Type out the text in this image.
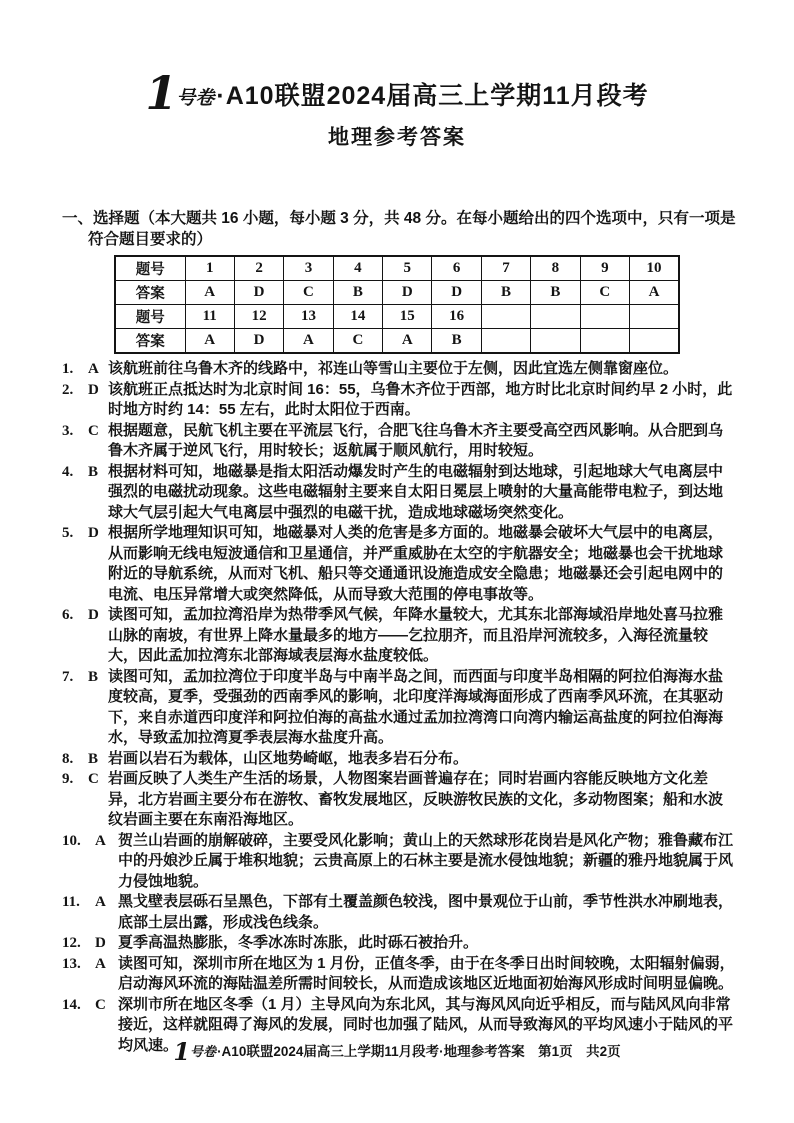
1号卷·A10联盟2024届高三上学期11月段考
地理参考答案
一、选择题（本大题共 16 小题，每小题 3 分，共 48 分。在每小题给出的四个选项中，只有一项是符合题目要求的）
题号	1	2	3	4	5	6	7	8	9	10
答案	A	D	C	B	D	D	B	B	C	A
题号	11	12	13	14	15	16				
答案	A	D	A	C	A	B				
1. A 该航班前往乌鲁木齐的线路中，祁连山等雪山主要位于左侧，因此宜选左侧靠窗座位。
2. D 该航班正点抵达时为北京时间 16：55，乌鲁木齐位于西部，地方时比北京时间约早 2 小时，此时地方时约 14：55 左右，此时太阳位于西南。
3. C 根据题意，民航飞机主要在平流层飞行，合肥飞往乌鲁木齐主要受高空西风影响。从合肥到乌鲁木齐属于逆风飞行，用时较长；返航属于顺风航行，用时较短。
4. B 根据材料可知，地磁暴是指太阳活动爆发时产生的电磁辐射到达地球，引起地球大气电离层中强烈的电磁扰动现象。这些电磁辐射主要来自太阳日冕层上喷射的大量高能带电粒子，到达地球大气层引起大气电离层中强烈的电磁干扰，造成地球磁场突然变化。
5. D 根据所学地理知识可知，地磁暴对人类的危害是多方面的。地磁暴会破坏大气层中的电离层，从而影响无线电短波通信和卫星通信，并严重威胁在太空的宇航器安全；地磁暴也会干扰地球附近的导航系统，从而对飞机、船只等交通通讯设施造成安全隐患；地磁暴还会引起电网中的电流、电压异常增大或突然降低，从而导致大范围的停电事故等。
6. D 读图可知，孟加拉湾沿岸为热带季风气候，年降水量较大，尤其东北部海域沿岸地处喜马拉雅山脉的南坡，有世界上降水量最多的地方——乞拉朋齐，而且沿岸河流较多，入海径流量较大，因此孟加拉湾东北部海域表层海水盐度较低。
7. B 读图可知，孟加拉湾位于印度半岛与中南半岛之间，而西面与印度半岛相隔的阿拉伯海海水盐度较高，夏季，受强劲的西南季风的影响，北印度洋海域海面形成了西南季风环流，在其驱动下，来自赤道西印度洋和阿拉伯海的高盐水通过孟加拉湾湾口向湾内输运高盐度的阿拉伯海海水，导致孟加拉湾夏季表层海水盐度升高。
8. B 岩画以岩石为载体，山区地势崎岖，地表多岩石分布。
9. C 岩画反映了人类生产生活的场景，人物图案岩画普遍存在；同时岩画内容能反映地方文化差异，北方岩画主要分布在游牧、畜牧发展地区，反映游牧民族的文化，多动物图案；船和水波纹岩画主要在东南沿海地区。
10. A 贺兰山岩画的崩解破碎，主要受风化影响；黄山上的天然球形花岗岩是风化产物；雅鲁藏布江中的丹娘沙丘属于堆积地貌；云贵高原上的石林主要是流水侵蚀地貌；新疆的雅丹地貌属于风力侵蚀地貌。
11. A 黑戈壁表层砾石呈黑色，下部有土覆盖颜色较浅，图中景观位于山前，季节性洪水冲刷地表，底部土层出露，形成浅色线条。
12. D 夏季高温热膨胀，冬季冰冻时冻胀，此时砾石被抬升。
13. A 读图可知，深圳市所在地区为 1 月份，正值冬季，由于在冬季日出时间较晚，太阳辐射偏弱，启动海风环流的海陆温差所需时间较长，从而造成该地区近地面初始海风形成时间明显偏晚。
14. C 深圳市所在地区冬季（1 月）主导风向为东北风，其与海风风向近乎相反，而与陆风风向非常接近，这样就阻碍了海风的发展，同时也加强了陆风，从而导致海风的平均风速小于陆风的平均风速。
1号卷·A10联盟2024届高三上学期11月段考·地理参考答案　第1页　共2页
